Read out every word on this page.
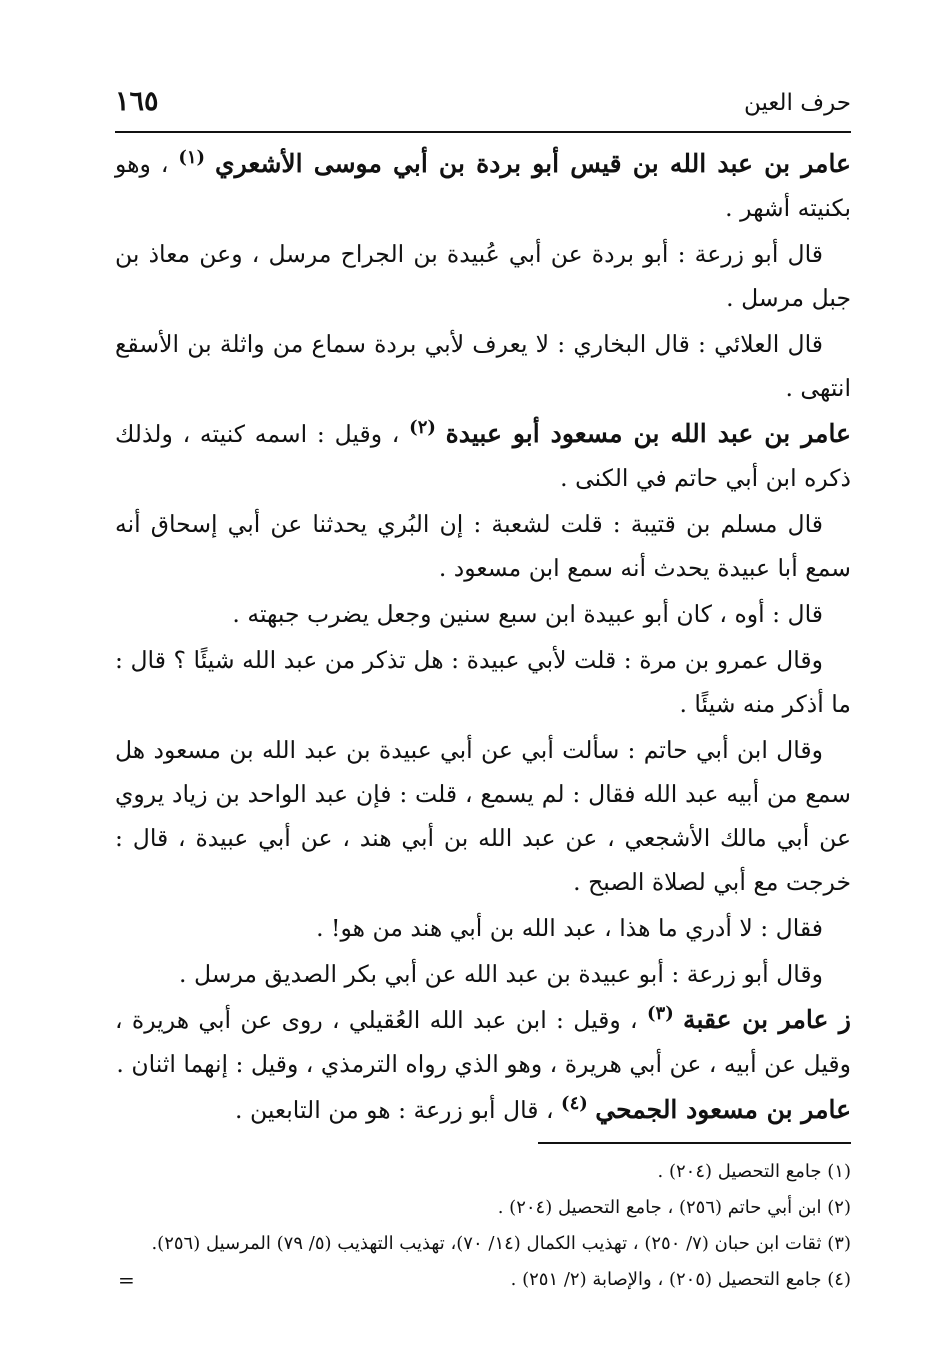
حرف العين
١٦٥

عامر بن عبد الله بن قيس أبو بردة بن أبي موسى الأشعري $^{(١)}$ ، وهو بكنيته أشهر .

قال أبو زرعة : أبو بردة عن أبي عُبيدة بن الجراح مرسل ، وعن معاذ بن جبل مرسل .

قال العلائي : قال البخاري : لا يعرف لأبي بردة سماع من واثلة بن الأسقع انتهى .

عامر بن عبد الله بن مسعود أبو عبيدة $^{(٢)}$ ، وقيل : اسمه كنيته ، ولذلك ذكره ابن أبي حاتم في الكنى .

قال مسلم بن قتيبة : قلت لشعبة : إن البُري يحدثنا عن أبي إسحاق أنه سمع أبا عبيدة يحدث أنه سمع ابن مسعود .

قال : أوه ، كان أبو عبيدة ابن سبع سنين وجعل يضرب جبهته .

وقال عمرو بن مرة : قلت لأبي عبيدة : هل تذكر من عبد الله شيئًا ؟ قال : ما أذكر منه شيئًا .

وقال ابن أبي حاتم : سألت أبي عن أبي عبيدة بن عبد الله بن مسعود هل سمع من أبيه عبد الله فقال : لم يسمع ، قلت : فإن عبد الواحد بن زياد يروي عن أبي مالك الأشجعي ، عن عبد الله بن أبي هند ، عن أبي عبيدة ، قال : خرجت مع أبي لصلاة الصبح .

فقال : لا أدري ما هذا ، عبد الله بن أبي هند من هو! .

وقال أبو زرعة : أبو عبيدة بن عبد الله عن أبي بكر الصديق مرسل .

ز عامر بن عقبة $^{(٣)}$ ، وقيل : ابن عبد الله العُقيلي ، روى عن أبي هريرة ، وقيل عن أبيه ، عن أبي هريرة ، وهو الذي رواه الترمذي ، وقيل : إنهما اثنان .

عامر بن مسعود الجمحي $^{(٤)}$ ، قال أبو زرعة : هو من التابعين .

(١) جامع التحصيل (٢٠٤) .

(٢) ابن أبي حاتم (٢٥٦) ، جامع التحصيل (٢٠٤) .

(٣) ثقات ابن حبان (٧/ ٢٥٠) ، تهذيب الكمال (١٤/ ٧٠)، تهذيب التهذيب (٥/ ٧٩) المرسيل (٢٥٦).

(٤) جامع التحصيل (٢٠٥) ، والإصابة (٢/ ٢٥١) .

=
